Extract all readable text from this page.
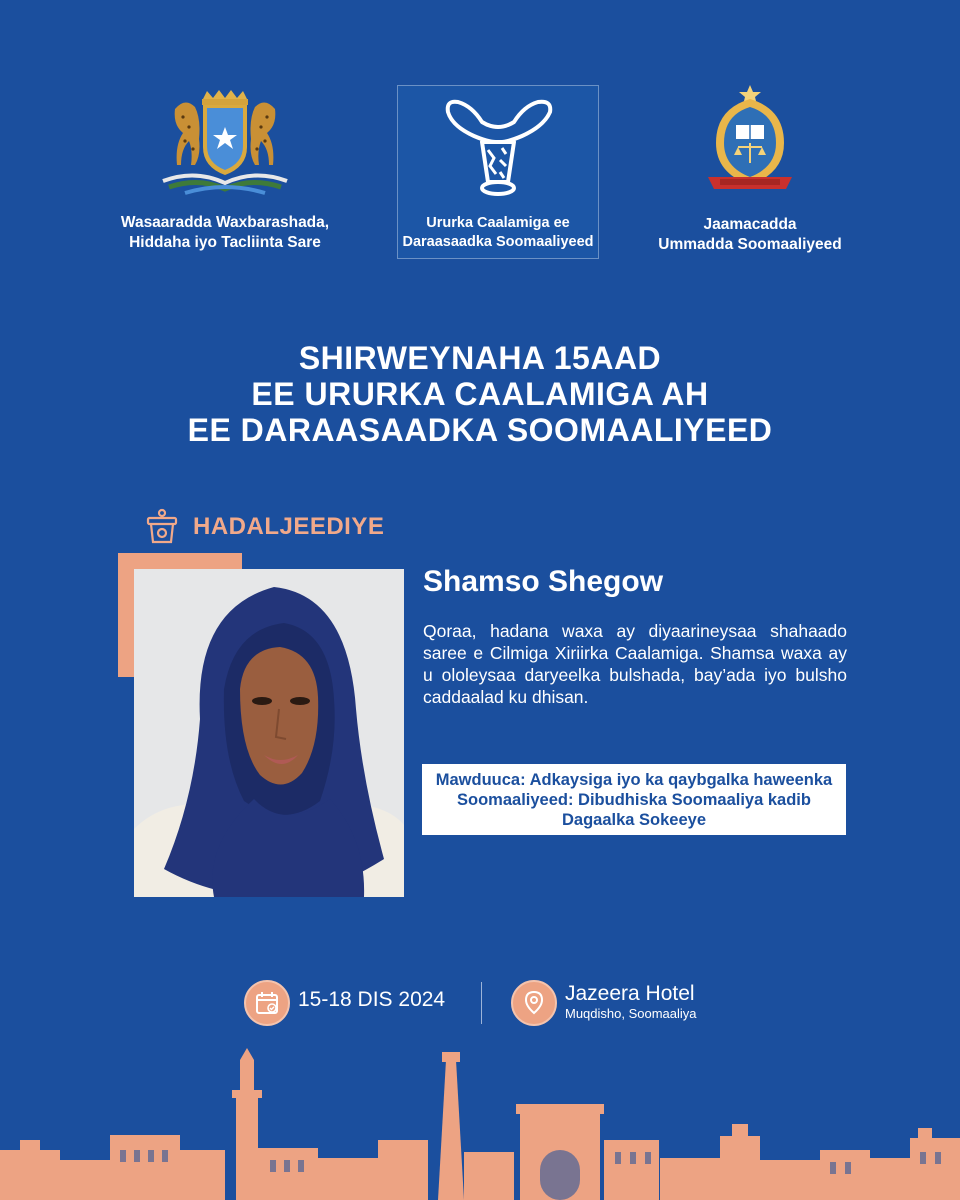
Wasaaradda Waxbarashada,
Hiddaha iyo Tacliinta Sare
Ururka Caalamiga ee
Daraasaadka Soomaaliyeed
Jaamacadda
Ummadda Soomaaliyeed
SHIRWEYNAHA 15AAD
EE URURKA CAALAMIGA AH
EE DARAASAADKA SOOMAALIYEED
HADALJEEDIYE
Shamso Shegow
Qoraa, hadana waxa ay diyaarineysaa shahaado saree e Cilmiga Xiriirka Caalamiga. Shamsa waxa ay u ololeysaa daryeelka bulshada, bay’ada iyo bulsho caddaalad ku dhisan.
Mawduuca: Adkaysiga iyo ka qaybgalka haweenka Soomaaliyeed: Dibudhiska Soomaaliya kadib Dagaalka Sokeeye
15-18 DIS 2024	Jazeera Hotel
Muqdisho, Soomaaliya
